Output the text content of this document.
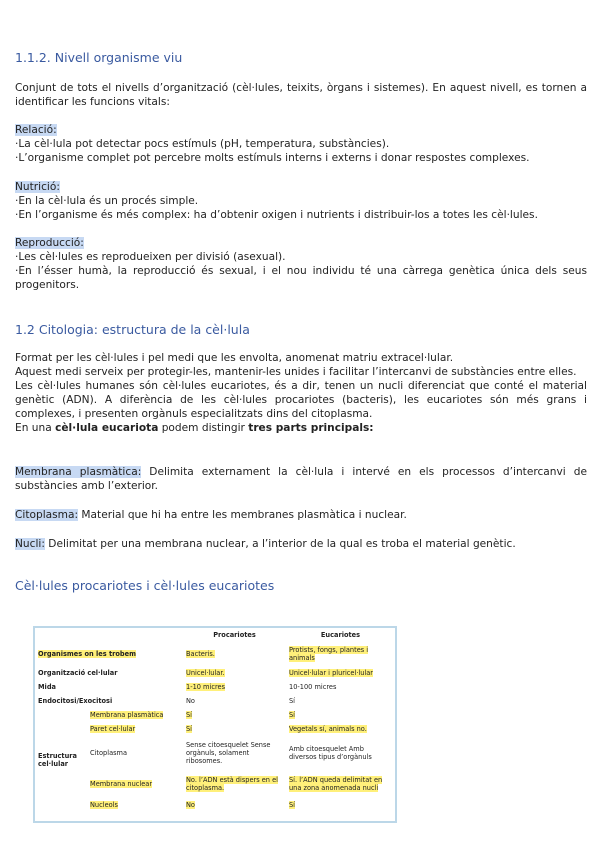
1.1.2. Nivell organisme viu
Conjunt de tots el nivells d’organització (cèl·lules, teixits, òrgans i sistemes). En aquest nivell, es tornen a identificar les funcions vitals:
Relació:
·La cèl·lula pot detectar pocs estímuls (pH, temperatura, substàncies).
·L’organisme complet pot percebre molts estímuls interns i externs i donar respostes complexes.
Nutrició:
·En la cèl·lula és un procés simple.
·En l’organisme és més complex: ha d’obtenir oxigen i nutrients i distribuir-los a totes les cèl·lules.
Reproducció:
·Les cèl·lules es reprodueixen per divisió (asexual).
·En l’ésser humà, la reproducció és sexual, i el nou individu té una càrrega genètica única dels seus progenitors.
1.2 Citologia: estructura de la cèl·lula
Format per les cèl·lules i pel medi que les envolta, anomenat matriu extracel·lular.
Aquest medi serveix per protegir-les, mantenir-les unides i facilitar l’intercanvi de substàncies entre elles.
Les cèl·lules humanes són cèl·lules eucariotes, és a dir, tenen un nucli diferenciat que conté el material genètic (ADN). A diferència de les cèl·lules procariotes (bacteris), les eucariotes són més grans i complexes, i presenten orgànuls especialitzats dins del citoplasma.
En una cèl·lula eucariota podem distingir tres parts principals:
Membrana plasmàtica: Delimita externament la cèl·lula i intervé en els processos d’intercanvi de substàncies amb l’exterior.
Citoplasma: Material que hi ha entre les membranes plasmàtica i nuclear.
Nucli: Delimitat per una membrana nuclear, a l’interior de la qual es troba el material genètic.
Cèl·lules procariotes i cèl·lules eucariotes
		Procariotes	Eucariotes
Organismes on les trobem		Bacteris.	Protists, fongs, plantes i animals
Organització cel·lular		Unicel·lular.	Unicel·lular i pluricel·lular
Mida		1-10 micres	10-100 micres
Endocitosi/Exocitosi		No	Sí
Estructura cel·lular	Membrana plasmàtica	Sí	Sí
	Paret cel·lular	Sí	Vegetals sí, animals no.
	Citoplasma	Sense citoesquelet Sense orgànuls, solament ribosomes.	Amb citoesquelet Amb diversos tipus d’orgànuls
	Membrana nuclear	No. l’ADN està dispers en el citoplasma.	Sí. l’ADN queda delimitat en una zona anomenada nucli
	Nucleols	No	Sí
